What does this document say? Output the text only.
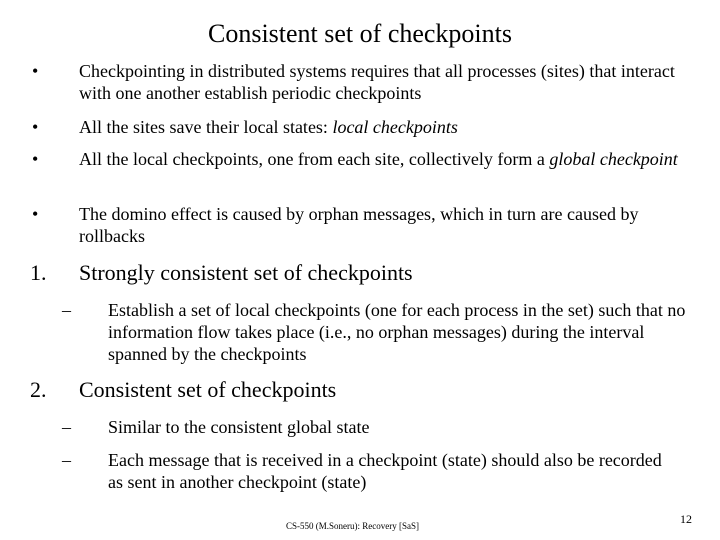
Consistent set of checkpoints
• Checkpointing in distributed systems requires that all processes (sites) that interact with one another establish periodic checkpoints
• All the sites save their local states: local checkpoints
• All the local checkpoints, one from each site, collectively form a global checkpoint
• The domino effect is caused by orphan messages, which in turn are caused by rollbacks
1. Strongly consistent set of checkpoints
– Establish a set of local checkpoints (one for each process in the set) such that no information flow takes place (i.e., no orphan messages) during the interval spanned by the checkpoints
2. Consistent set of checkpoints
– Similar to the consistent global state
– Each message that is received in a checkpoint (state) should also be recorded as sent in another checkpoint (state)
CS-550 (M.Soneru): Recovery [SaS]	12
